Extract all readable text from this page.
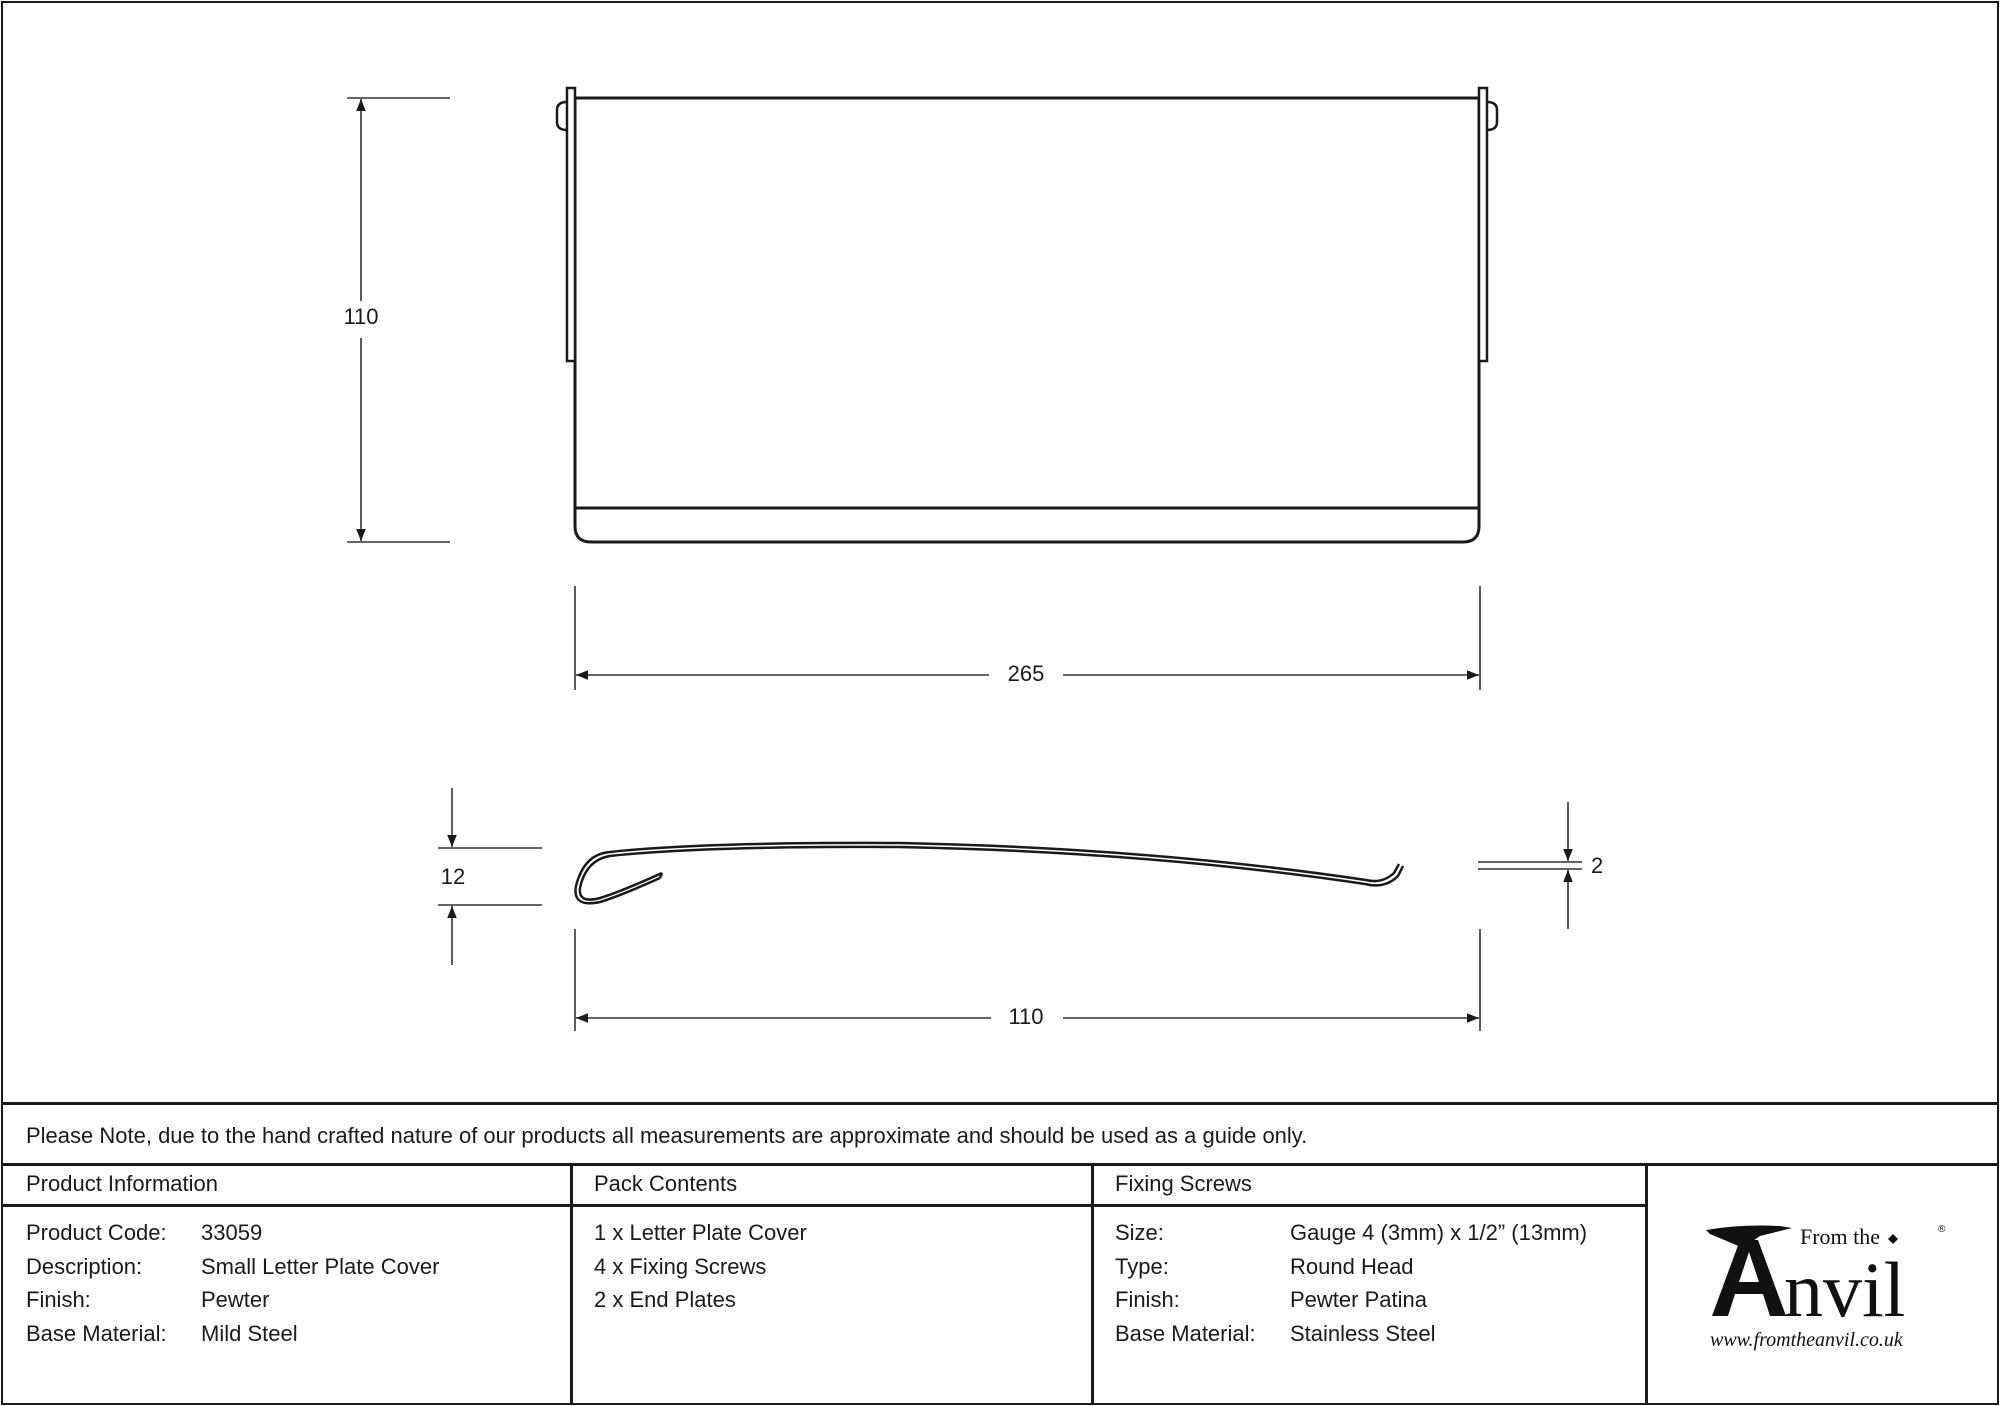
110
265
12	2
110
Please Note, due to the hand crafted nature of our products all measurements are approximate and should be used as a guide only.
Product Information
Product Code:	33059
Description:	Small Letter Plate Cover
Finish:	Pewter
Base Material:	Mild Steel
Pack Contents
1 x Letter Plate Cover
4 x Fixing Screws
2 x End Plates
Fixing Screws
Size:	Gauge 4 (3mm) x 1/2” (13mm)
Type:	Round Head
Finish:	Pewter Patina
Base Material:	Stainless Steel
From the
nvil
®
www.fromtheanvil.co.uk
